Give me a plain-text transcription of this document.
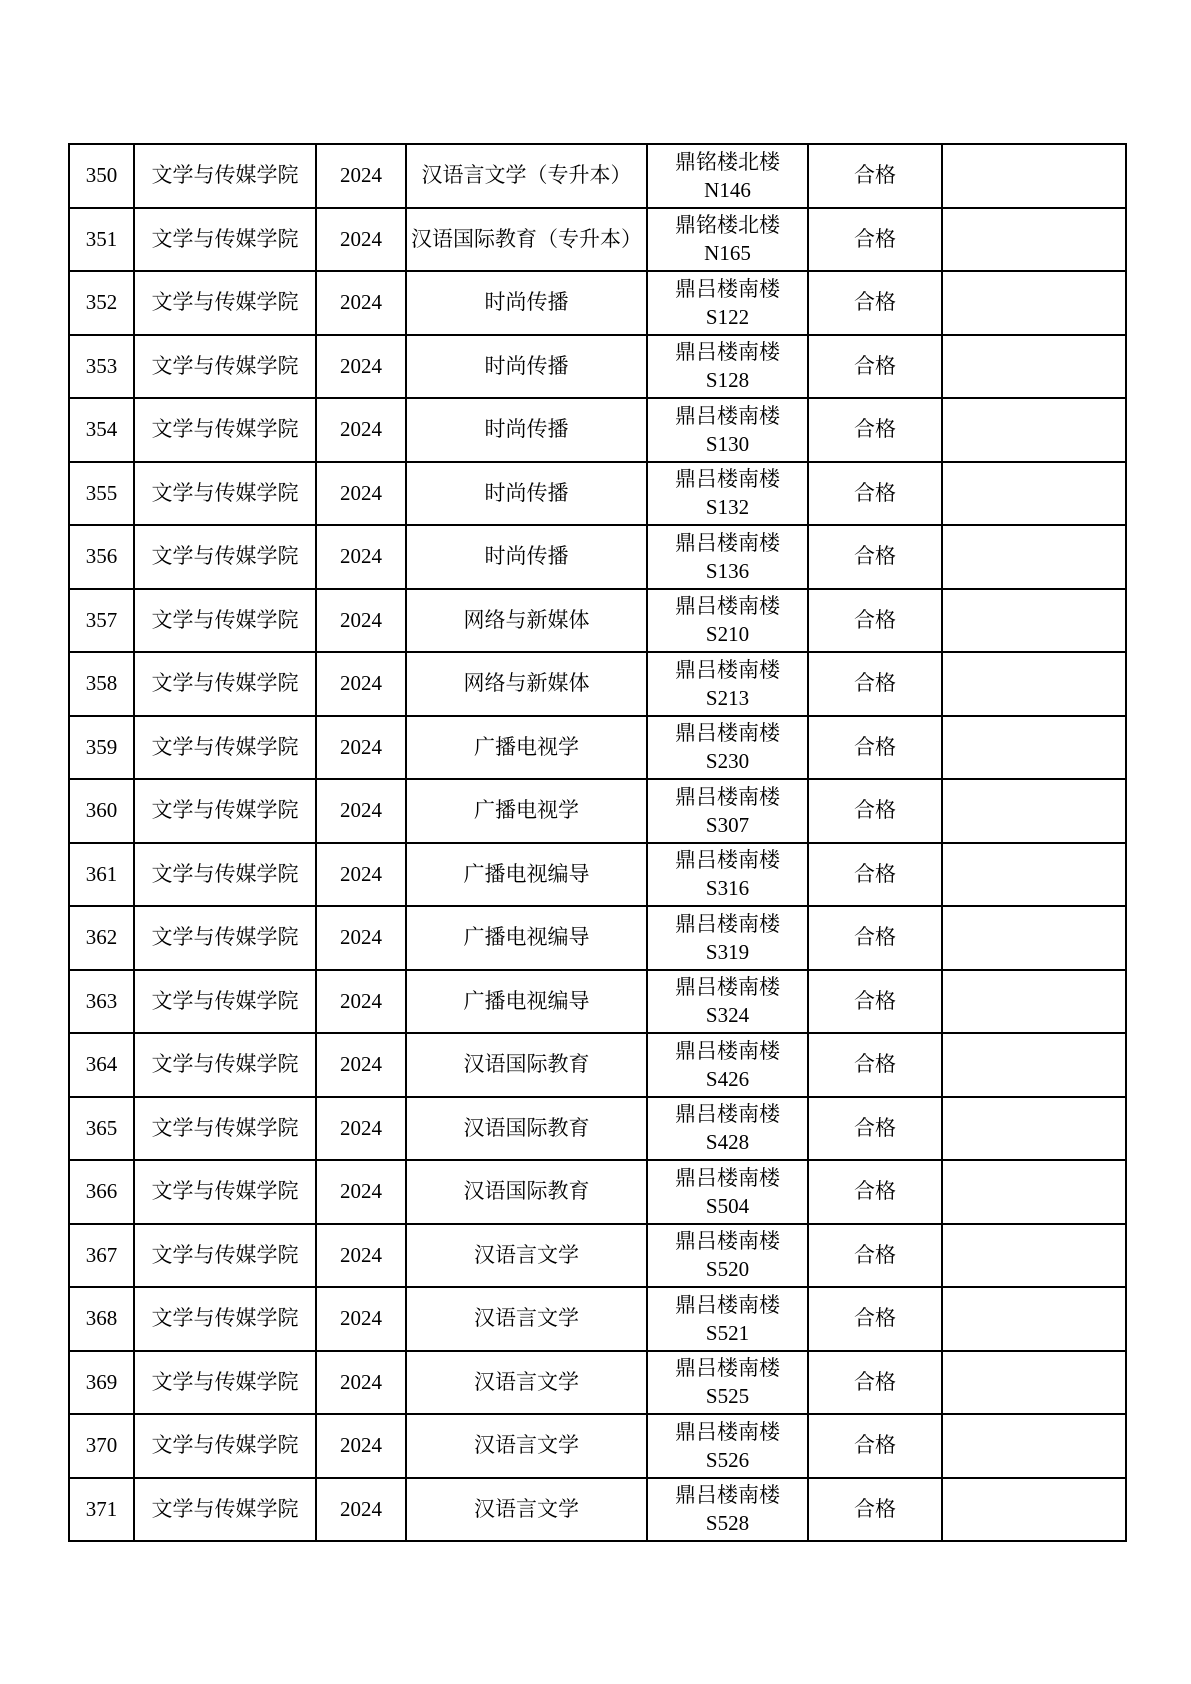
350	文学与传媒学院	2024	汉语言文学（专升本）	鼎铭楼北楼
N146	合格	
351	文学与传媒学院	2024	汉语国际教育（专升本）	鼎铭楼北楼
N165	合格	
352	文学与传媒学院	2024	时尚传播	鼎吕楼南楼
S122	合格	
353	文学与传媒学院	2024	时尚传播	鼎吕楼南楼
S128	合格	
354	文学与传媒学院	2024	时尚传播	鼎吕楼南楼
S130	合格	
355	文学与传媒学院	2024	时尚传播	鼎吕楼南楼
S132	合格	
356	文学与传媒学院	2024	时尚传播	鼎吕楼南楼
S136	合格	
357	文学与传媒学院	2024	网络与新媒体	鼎吕楼南楼
S210	合格	
358	文学与传媒学院	2024	网络与新媒体	鼎吕楼南楼
S213	合格	
359	文学与传媒学院	2024	广播电视学	鼎吕楼南楼
S230	合格	
360	文学与传媒学院	2024	广播电视学	鼎吕楼南楼
S307	合格	
361	文学与传媒学院	2024	广播电视编导	鼎吕楼南楼
S316	合格	
362	文学与传媒学院	2024	广播电视编导	鼎吕楼南楼
S319	合格	
363	文学与传媒学院	2024	广播电视编导	鼎吕楼南楼
S324	合格	
364	文学与传媒学院	2024	汉语国际教育	鼎吕楼南楼
S426	合格	
365	文学与传媒学院	2024	汉语国际教育	鼎吕楼南楼
S428	合格	
366	文学与传媒学院	2024	汉语国际教育	鼎吕楼南楼
S504	合格	
367	文学与传媒学院	2024	汉语言文学	鼎吕楼南楼
S520	合格	
368	文学与传媒学院	2024	汉语言文学	鼎吕楼南楼
S521	合格	
369	文学与传媒学院	2024	汉语言文学	鼎吕楼南楼
S525	合格	
370	文学与传媒学院	2024	汉语言文学	鼎吕楼南楼
S526	合格	
371	文学与传媒学院	2024	汉语言文学	鼎吕楼南楼
S528	合格	
